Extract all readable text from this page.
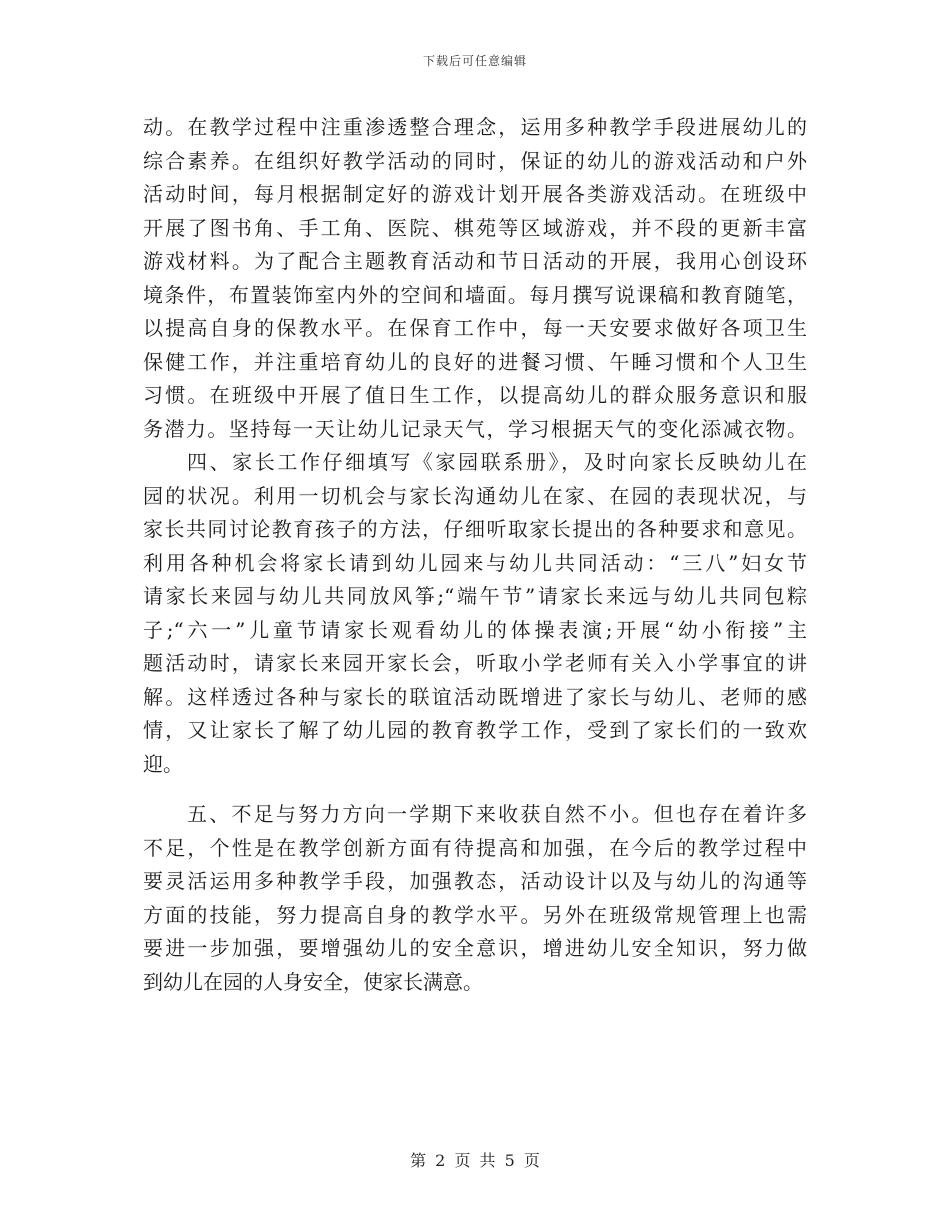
下载后可任意编辑
动。在教学过程中注重渗透整合理念，运用多种教学手段进展幼儿的
综合素养。在组织好教学活动的同时，保证的幼儿的游戏活动和户外
活动时间，每月根据制定好的游戏计划开展各类游戏活动。在班级中
开展了图书角、手工角、医院、棋苑等区域游戏，并不段的更新丰富
游戏材料。为了配合主题教育活动和节日活动的开展，我用心创设环
境条件，布置装饰室内外的空间和墙面。每月撰写说课稿和教育随笔，
以提高自身的保教水平。在保育工作中，每一天安要求做好各项卫生
保健工作，并注重培育幼儿的良好的进餐习惯、午睡习惯和个人卫生
习惯。在班级中开展了值日生工作，以提高幼儿的群众服务意识和服
务潜力。坚持每一天让幼儿记录天气，学习根据天气的变化添减衣物。
四、家长工作仔细填写《家园联系册》，及时向家长反映幼儿在
园的状况。利用一切机会与家长沟通幼儿在家、在园的表现状况，与
家长共同讨论教育孩子的方法，仔细听取家长提出的各种要求和意见。
利用各种机会将家长请到幼儿园来与幼儿共同活动：“三八”妇女节
请家长来园与幼儿共同放风筝;“端午节”请家长来远与幼儿共同包粽
子;“六一”儿童节请家长观看幼儿的体操表演;开展“幼小衔接”主
题活动时，请家长来园开家长会，听取小学老师有关入小学事宜的讲
解。这样透过各种与家长的联谊活动既增进了家长与幼儿、老师的感
情，又让家长了解了幼儿园的教育教学工作，受到了家长们的一致欢
迎。
五、不足与努力方向一学期下来收获自然不小。但也存在着许多
不足，个性是在教学创新方面有待提高和加强，在今后的教学过程中
要灵活运用多种教学手段，加强教态，活动设计以及与幼儿的沟通等
方面的技能，努力提高自身的教学水平。另外在班级常规管理上也需
要进一步加强，要增强幼儿的安全意识，增进幼儿安全知识，努力做
到幼儿在园的人身安全，使家长满意。
第 2 页 共 5 页
